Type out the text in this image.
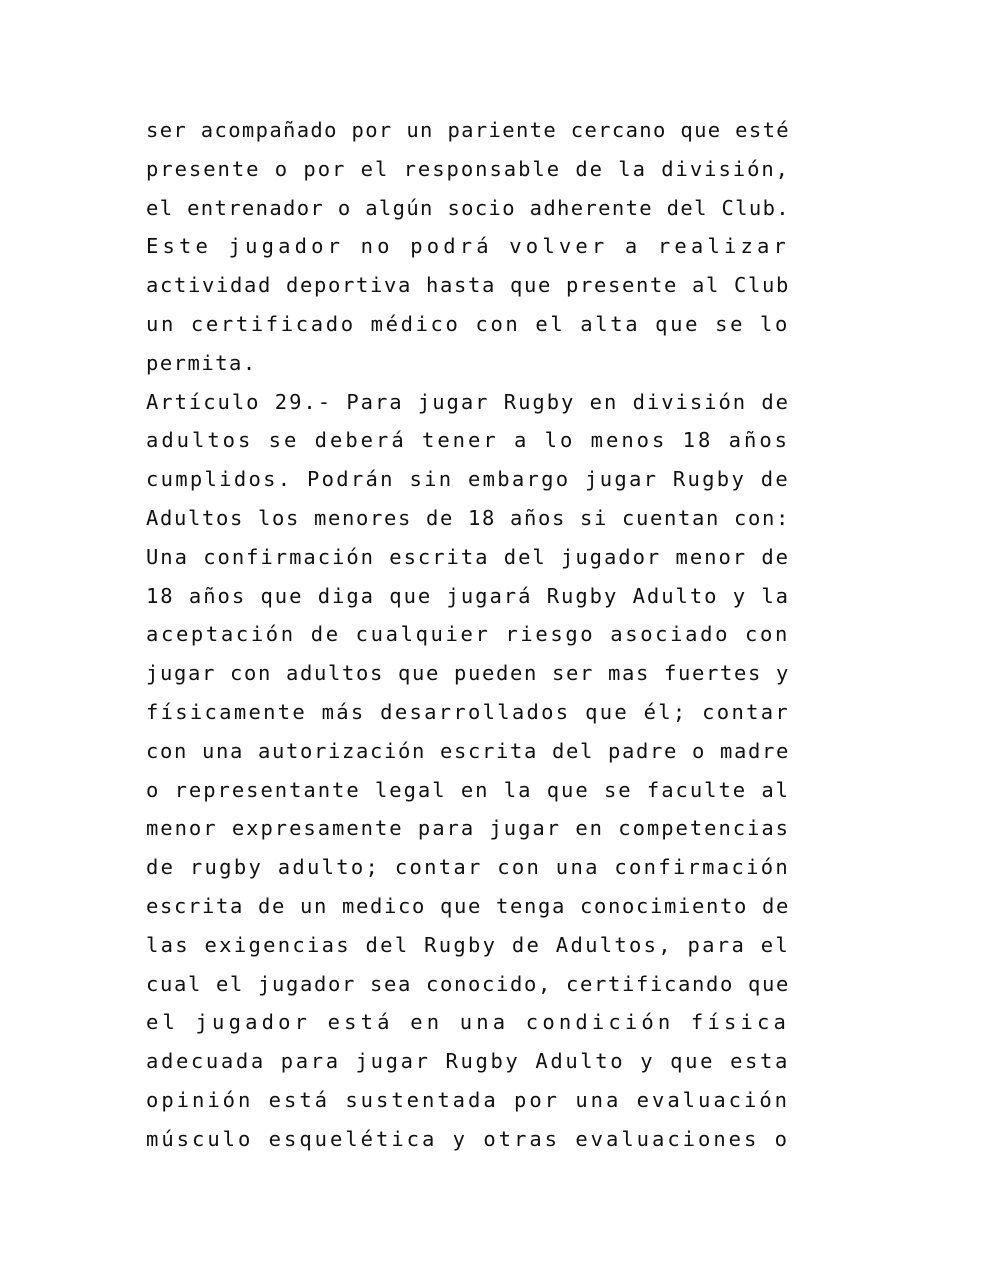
ser acompañado por un pariente cercano que esté
presente o por el responsable de la división,
el entrenador o algún socio adherente del Club.
Este jugador no podrá volver a realizar
actividad deportiva hasta que presente al Club
un certificado médico con el alta que se lo
permita.
Artículo 29.- Para jugar Rugby en división de
adultos se deberá tener a lo menos 18 años
cumplidos. Podrán sin embargo jugar Rugby de
Adultos los menores de 18 años si cuentan con:
Una confirmación escrita del jugador menor de
18 años que diga que jugará Rugby Adulto y la
aceptación de cualquier riesgo asociado con
jugar con adultos que pueden ser mas fuertes y
físicamente más desarrollados que él; contar
con una autorización escrita del padre o madre
o representante legal en la que se faculte al
menor expresamente para jugar en competencias
de rugby adulto; contar con una confirmación
escrita de un medico que tenga conocimiento de
las exigencias del Rugby de Adultos, para el
cual el jugador sea conocido, certificando que
el jugador está en una condición física
adecuada para jugar Rugby Adulto y que esta
opinión está sustentada por una evaluación
músculo esquelética y otras evaluaciones o
